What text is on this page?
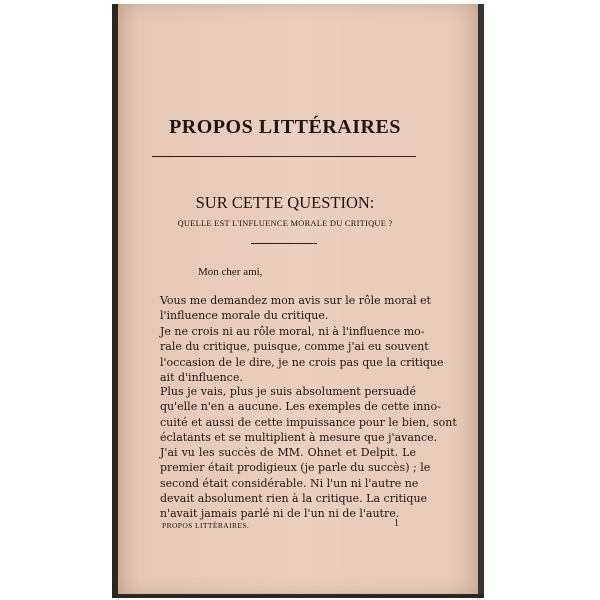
PROPOS LITTÉRAIRES
SUR CETTE QUESTION:
QUELLE EST L'INFLUENCE MORALE DU CRITIQUE ?
Mon cher ami,
Vous me demandez mon avis sur le rôle moral et
l'influence morale du critique.
Je ne crois ni au rôle moral, ni à l'influence mo-
rale du critique, puisque, comme j'ai eu souvent
l'occasion de le dire, je ne crois pas que la critique
ait d'influence.
Plus je vais, plus je suis absolument persuadé
qu'elle n'en a aucune. Les exemples de cette inno-
cuité et aussi de cette impuissance pour le bien, sont
éclatants et se multiplient à mesure que j'avance.
J'ai vu les succès de MM. Ohnet et Delpit. Le
premier était prodigieux (je parle du succès) ; le
second était considérable. Ni l'un ni l'autre ne
devait absolument rien à la critique. La critique
n'avait jamais parlé ni de l'un ni de l'autre.
PROPOS LITTÉRAIRES.	1
